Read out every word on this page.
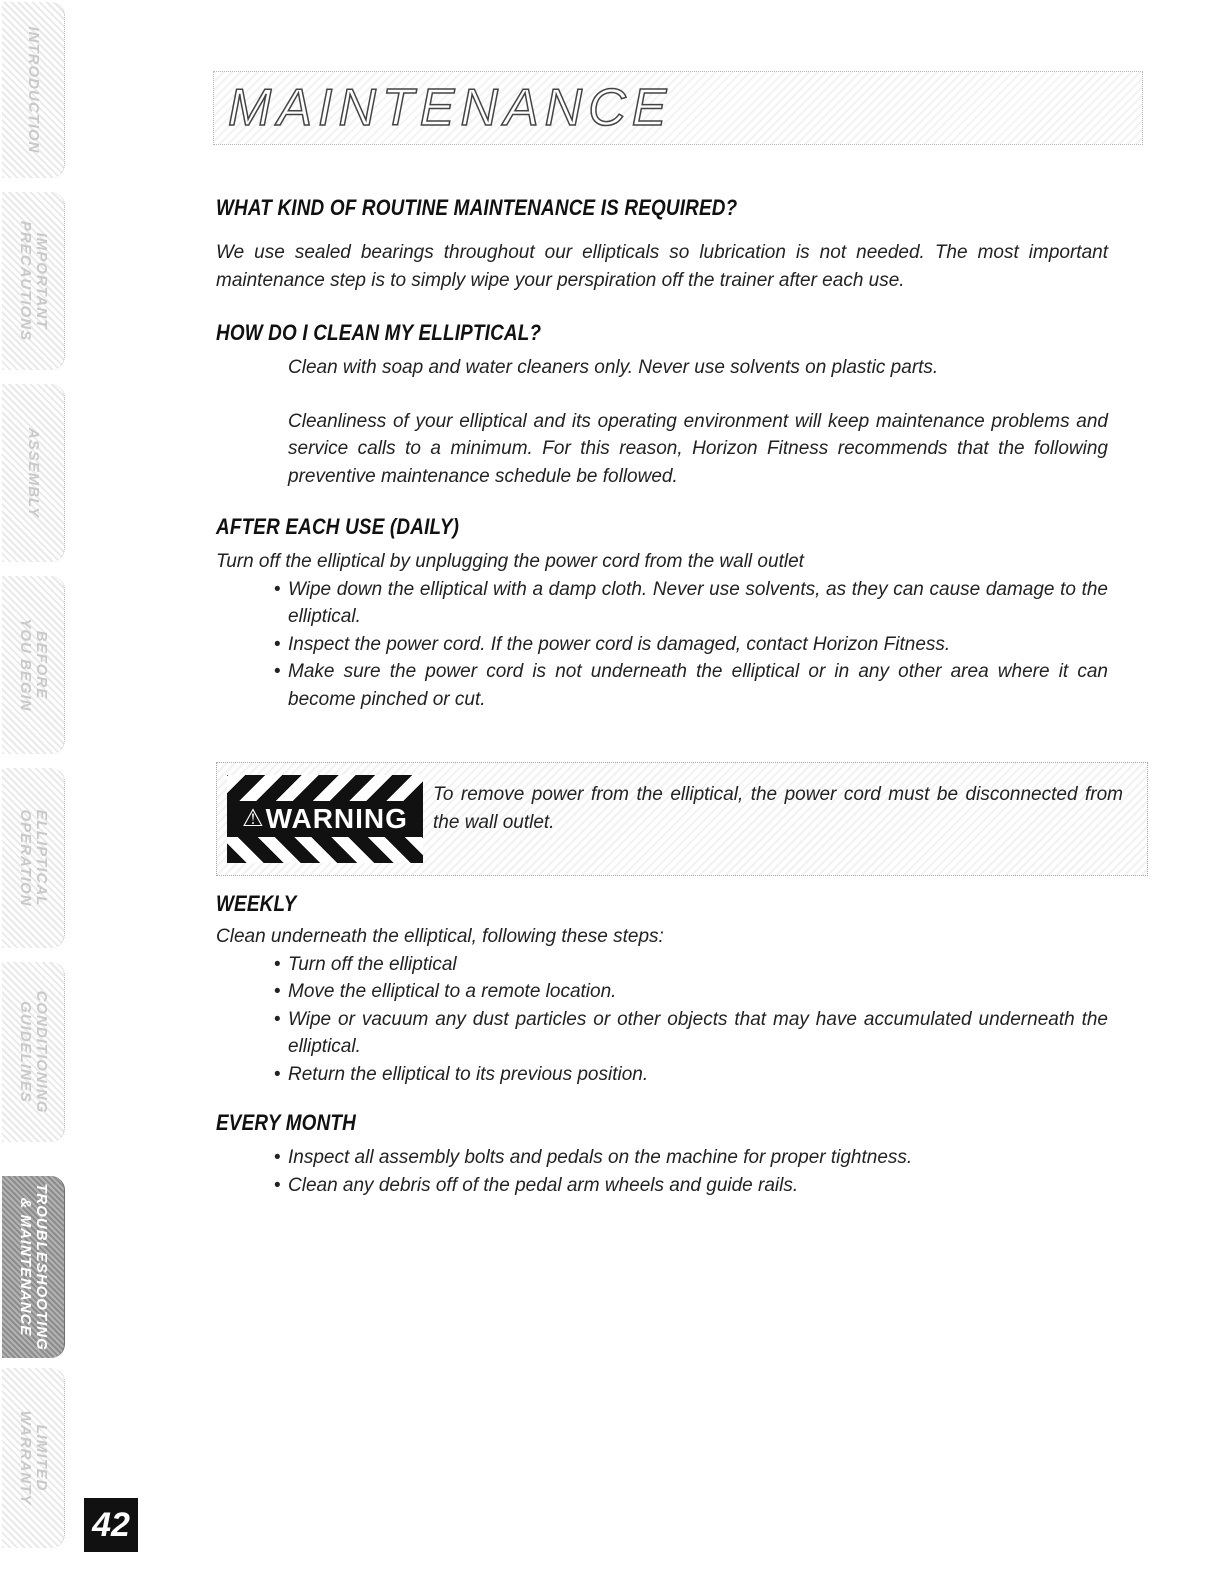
INTRODUCTION
IMPORTANT
PRECAUTIONS
ASSEMBLY
BEFORE
YOU BEGIN
ELLIPTICAL
OPERATION
CONDITIONING
GUIDELINES
TROUBLESHOOTING
& MAINTENANCE
LIMITED
WARRANTY
42
MAINTENANCE
WHAT KIND OF ROUTINE MAINTENANCE IS REQUIRED?

We use sealed bearings throughout our ellipticals so lubrication is not needed. The most important maintenance step is to simply wipe your perspiration off the trainer after each use.

HOW DO I CLEAN MY ELLIPTICAL?

Clean with soap and water cleaners only. Never use solvents on plastic parts.

Cleanliness of your elliptical and its operating environment will keep maintenance problems and service calls to a minimum. For this reason, Horizon Fitness recommends that the following preventive maintenance schedule be followed.

AFTER EACH USE (DAILY)

Turn off the elliptical by unplugging the power cord from the wall outlet

• Wipe down the elliptical with a damp cloth. Never use solvents, as they can cause damage to the elliptical.
• Inspect the power cord. If the power cord is damaged, contact Horizon Fitness.
• Make sure the power cord is not underneath the elliptical or in any other area where it can become pinched or cut.
WEEKLY

Clean underneath the elliptical, following these steps:

• Turn off the elliptical
• Move the elliptical to a remote location.
• Wipe or vacuum any dust particles or other objects that may have accumulated underneath the elliptical.
• Return the elliptical to its previous position.
EVERY MONTH
• Inspect all assembly bolts and pedals on the machine for proper tightness.
• Clean any debris off of the pedal arm wheels and guide rails.
⚠ WARNING
To remove power from the elliptical, the power cord must be disconnected from the wall outlet.
